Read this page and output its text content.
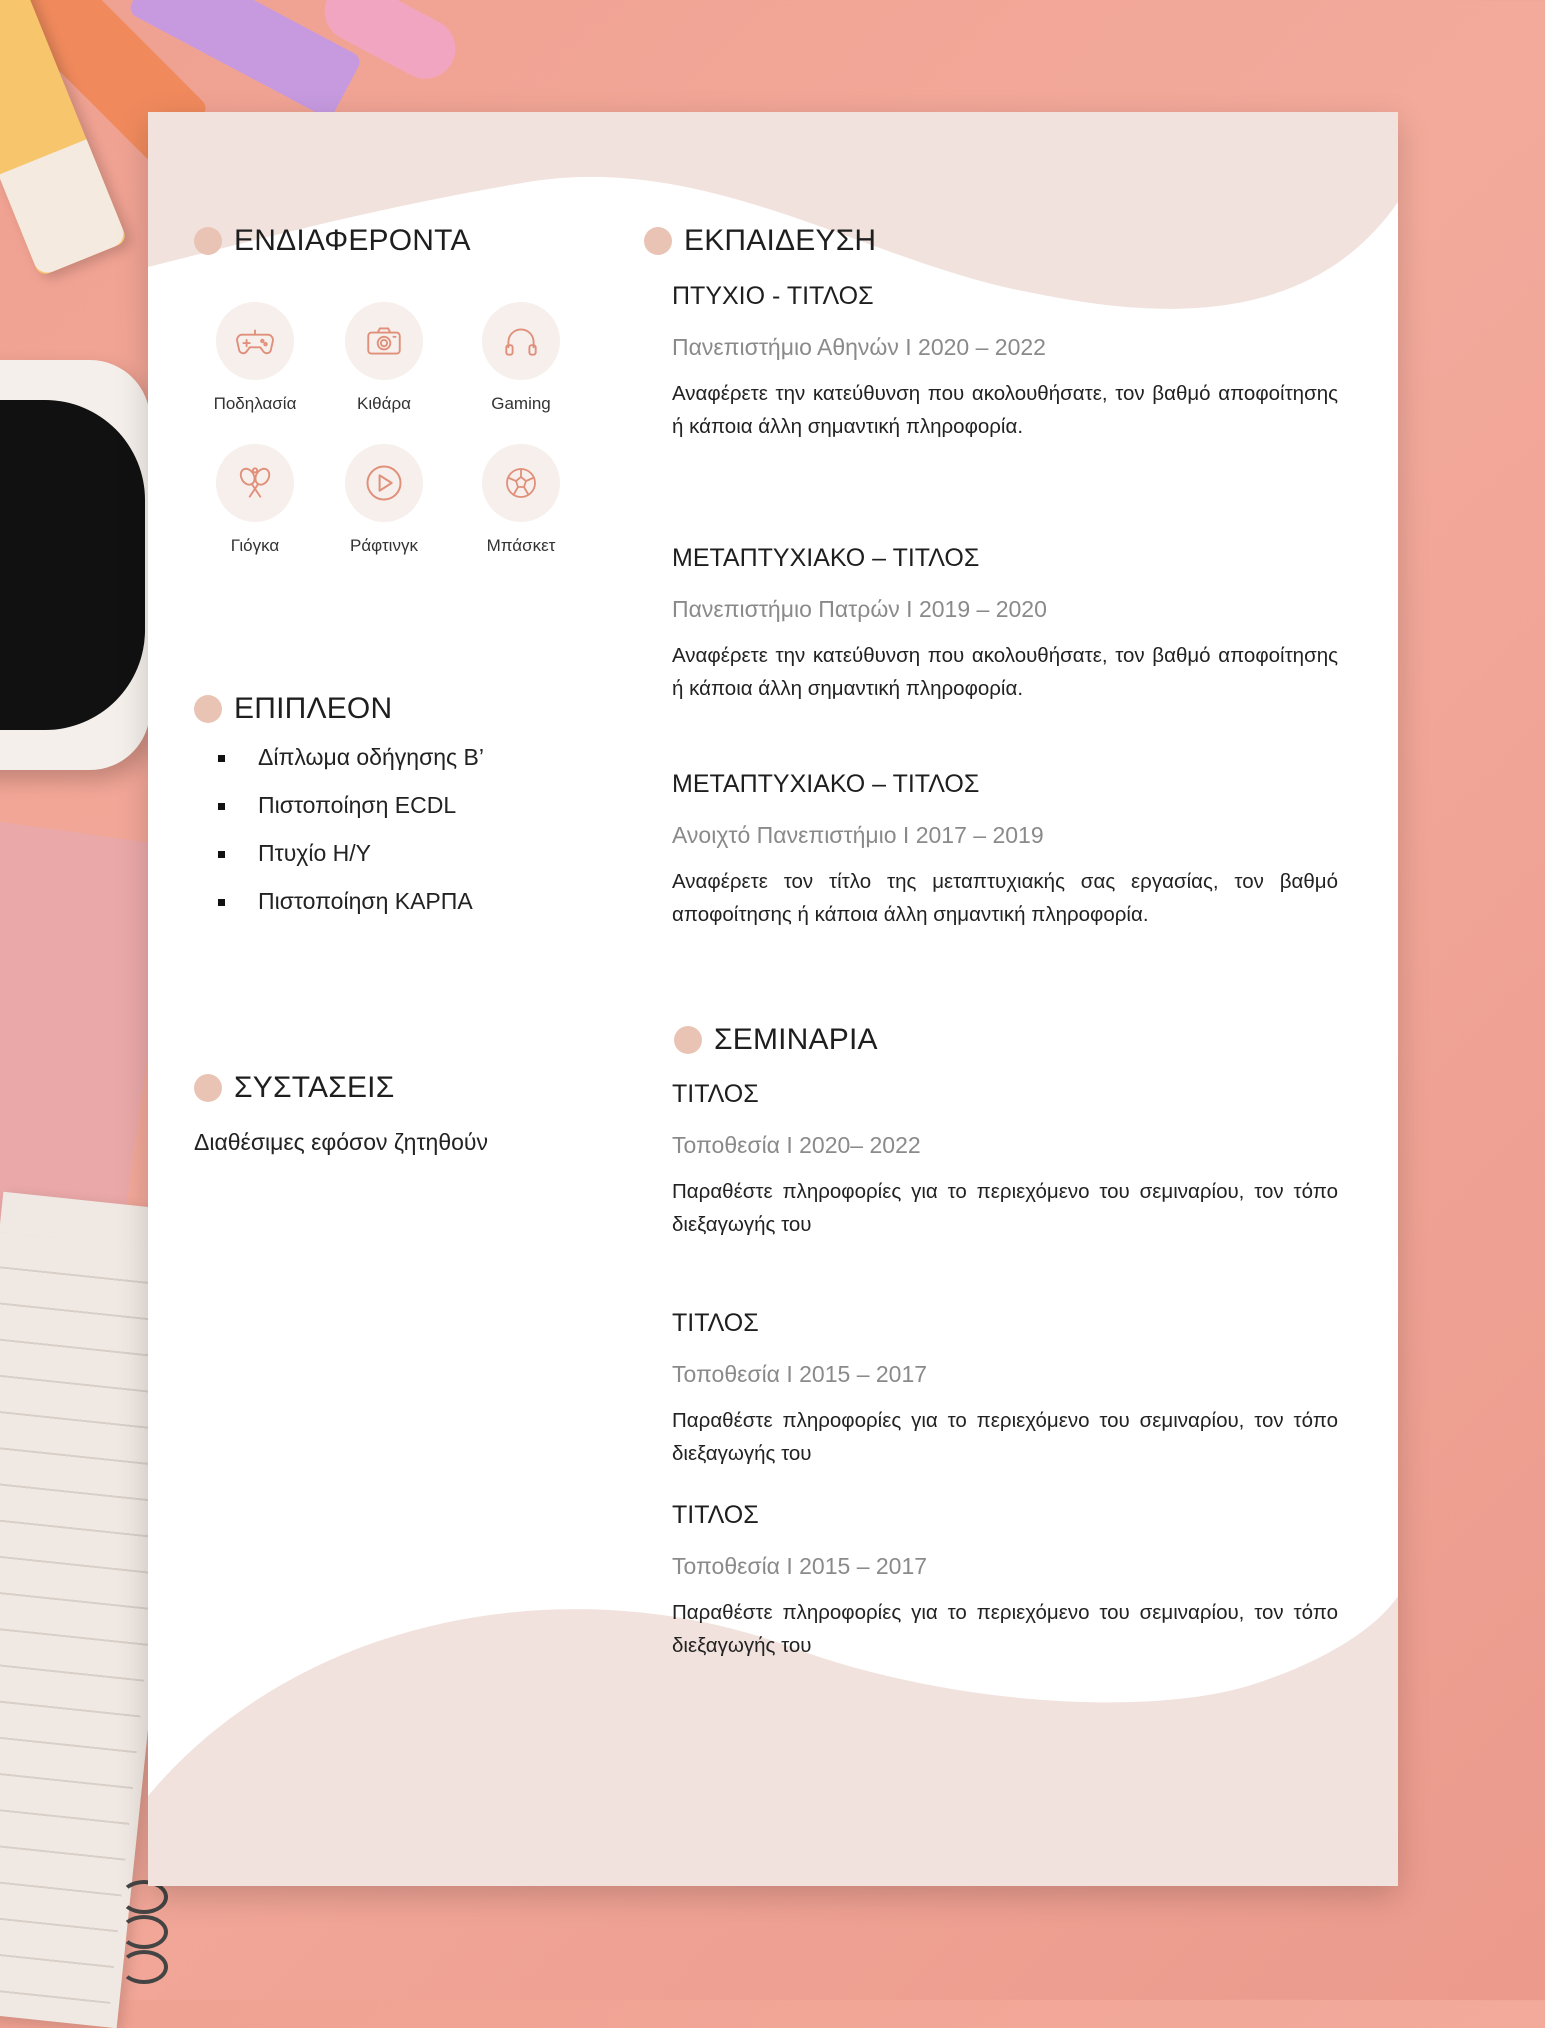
ΕΝΔΙΑΦΕΡΟΝΤΑ
Ποδηλασία	Κιθάρα	Gaming
Γιόγκα	Ράφτινγκ	Μπάσκετ
ΕΠΙΠΛΕΟΝ
Δίπλωμα οδήγησης Β’
Πιστοποίηση ECDL
Πτυχίο Η/Υ
Πιστοποίηση ΚΑΡΠΑ
ΣΥΣΤΑΣΕΙΣ
Διαθέσιμες εφόσον ζητηθούν
ΕΚΠΑΙΔΕΥΣΗ
ΠΤΥΧΙΟ - ΤΙΤΛΟΣ
Πανεπιστήμιο Αθηνών I 2020 – 2022
Αναφέρετε την κατεύθυνση που ακολουθήσατε, τον βαθμό αποφοίτησης ή κάποια άλλη σημαντική πληροφορία.
ΜΕΤΑΠΤΥΧΙΑΚΟ – ΤΙΤΛΟΣ
Πανεπιστήμιο Πατρών I 2019 – 2020
Αναφέρετε την κατεύθυνση που ακολουθήσατε, τον βαθμό αποφοίτησης ή κάποια άλλη σημαντική πληροφορία.
ΜΕΤΑΠΤΥΧΙΑΚΟ – ΤΙΤΛΟΣ
Ανοιχτό Πανεπιστήμιο I 2017 – 2019
Αναφέρετε τον τίτλο της μεταπτυχιακής σας εργασίας, τον βαθμό αποφοίτησης ή κάποια άλλη σημαντική πληροφορία.
ΣΕΜΙΝΑΡΙΑ
ΤΙΤΛΟΣ
Τοποθεσία I 2020– 2022
Παραθέστε πληροφορίες για το περιεχόμενο του σεμιναρίου, τον τόπο διεξαγωγής του
ΤΙΤΛΟΣ
Τοποθεσία I 2015 – 2017
Παραθέστε πληροφορίες για το περιεχόμενο του σεμιναρίου, τον τόπο διεξαγωγής του
ΤΙΤΛΟΣ
Τοποθεσία I 2015 – 2017
Παραθέστε πληροφορίες για το περιεχόμενο του σεμιναρίου, τον τόπο διεξαγωγής του
